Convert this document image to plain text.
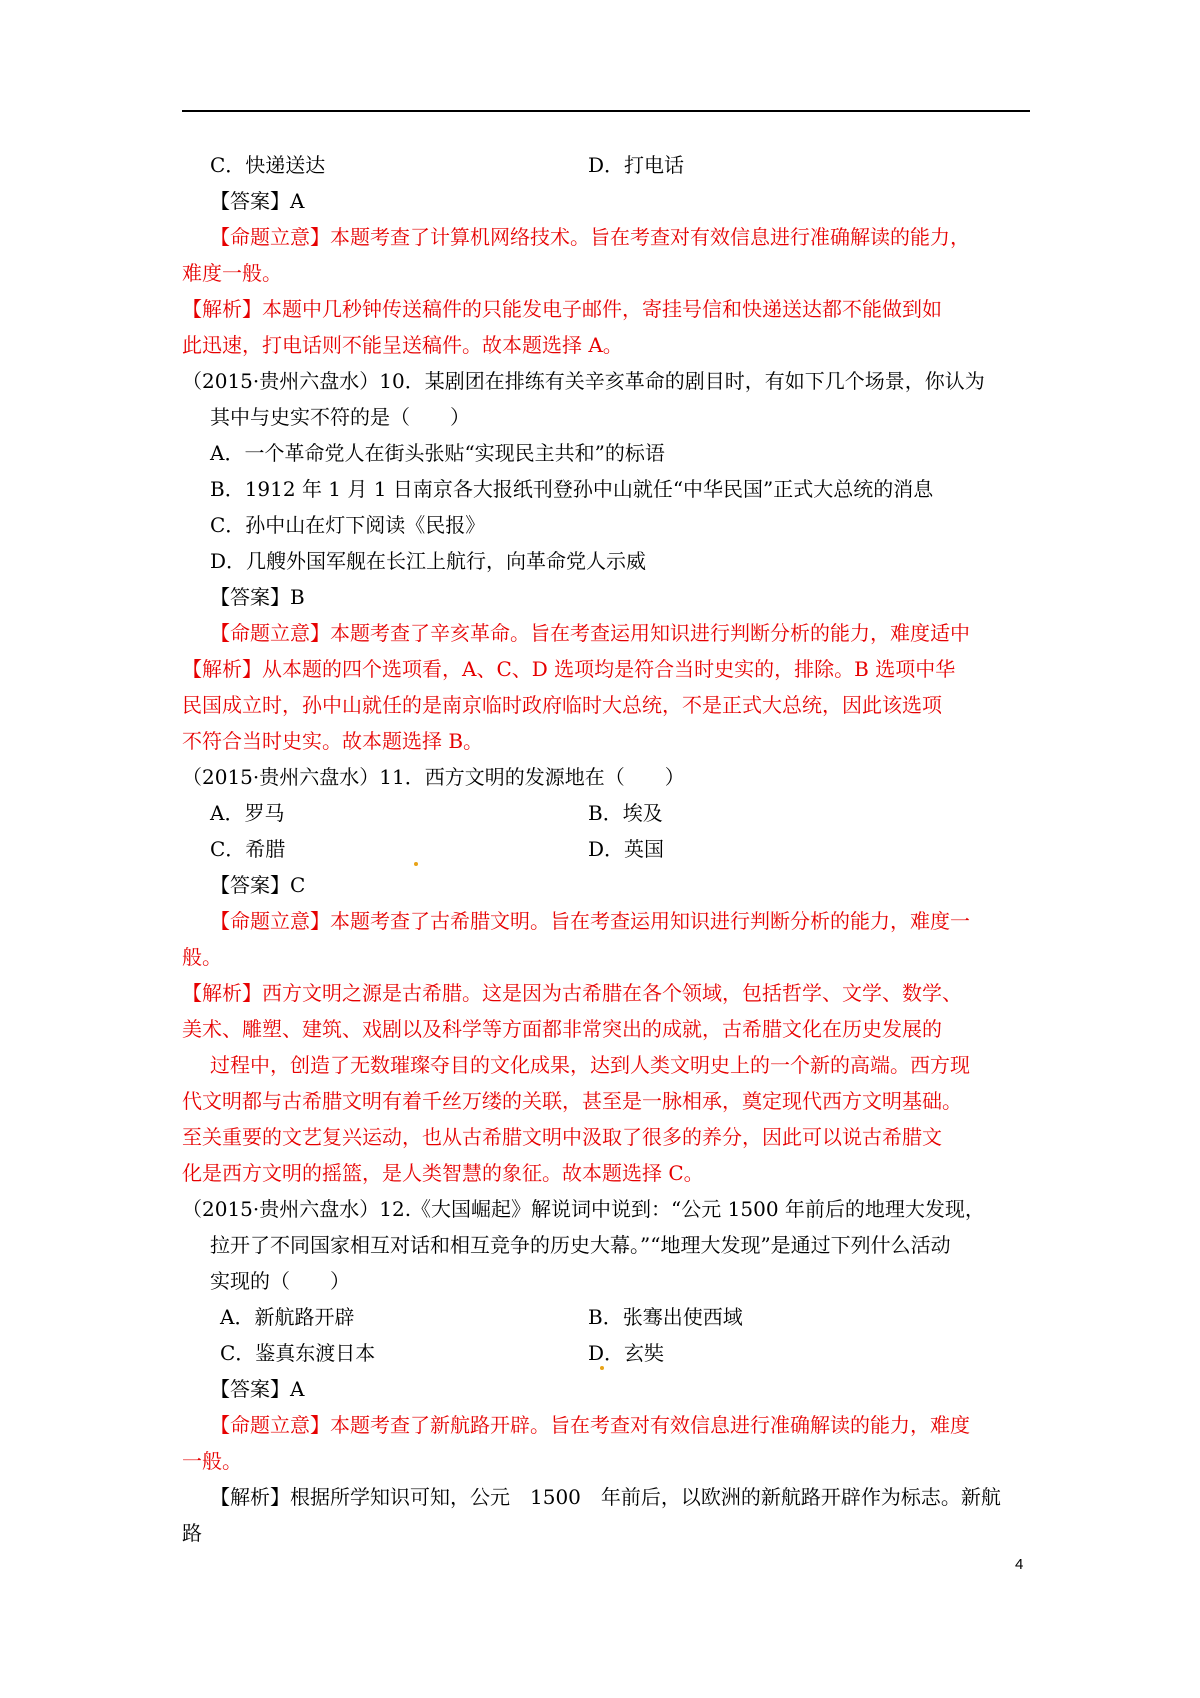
C．快递送达	D．打电话
【答案】A
【命题立意】本题考查了计算机网络技术。旨在考查对有效信息进行准确解读的能力，
难度一般。
【解析】本题中几秒钟传送稿件的只能发电子邮件，寄挂号信和快递送达都不能做到如
此迅速，打电话则不能呈送稿件。故本题选择 A。
（2015·贵州六盘水）10．某剧团在排练有关辛亥革命的剧目时，有如下几个场景，你认为
其中与史实不符的是（　　）
A．一个革命党人在街头张贴“实现民主共和”的标语
B．1912 年 1 月 1 日南京各大报纸刊登孙中山就任“中华民国”正式大总统的消息
C．孙中山在灯下阅读《民报》
D．几艘外国军舰在长江上航行，向革命党人示威
【答案】B
【命题立意】本题考查了辛亥革命。旨在考查运用知识进行判断分析的能力，难度适中
【解析】从本题的四个选项看，A、C、D 选项均是符合当时史实的，排除。B 选项中华
民国成立时，孙中山就任的是南京临时政府临时大总统，不是正式大总统，因此该选项
不符合当时史实。故本题选择 B。
（2015·贵州六盘水）11．西方文明的发源地在（　　）
A．罗马	B．埃及
C．希腊	D．英国
【答案】C
【命题立意】本题考查了古希腊文明。旨在考查运用知识进行判断分析的能力，难度一
般。
【解析】西方文明之源是古希腊。这是因为古希腊在各个领域，包括哲学、文学、数学、
美术、雕塑、建筑、戏剧以及科学等方面都非常突出的成就，古希腊文化在历史发展的
过程中，创造了无数璀璨夺目的文化成果，达到人类文明史上的一个新的高端。西方现
代文明都与古希腊文明有着千丝万缕的关联，甚至是一脉相承，奠定现代西方文明基础。
至关重要的文艺复兴运动，也从古希腊文明中汲取了很多的养分，因此可以说古希腊文
化是西方文明的摇篮，是人类智慧的象征。故本题选择 C。
（2015·贵州六盘水）12.《大国崛起》解说词中说到：“公元 1500 年前后的地理大发现，
拉开了不同国家相互对话和相互竞争的历史大幕。”“地理大发现”是通过下列什么活动
实现的（　　）
A．新航路开辟	B．张骞出使西域
C．鉴真东渡日本	D．玄奘
【答案】A
【命题立意】本题考查了新航路开辟。旨在考查对有效信息进行准确解读的能力，难度
一般。
【解析】根据所学知识可知，公元　1500　年前后，以欧洲的新航路开辟作为标志。新航
路
4
